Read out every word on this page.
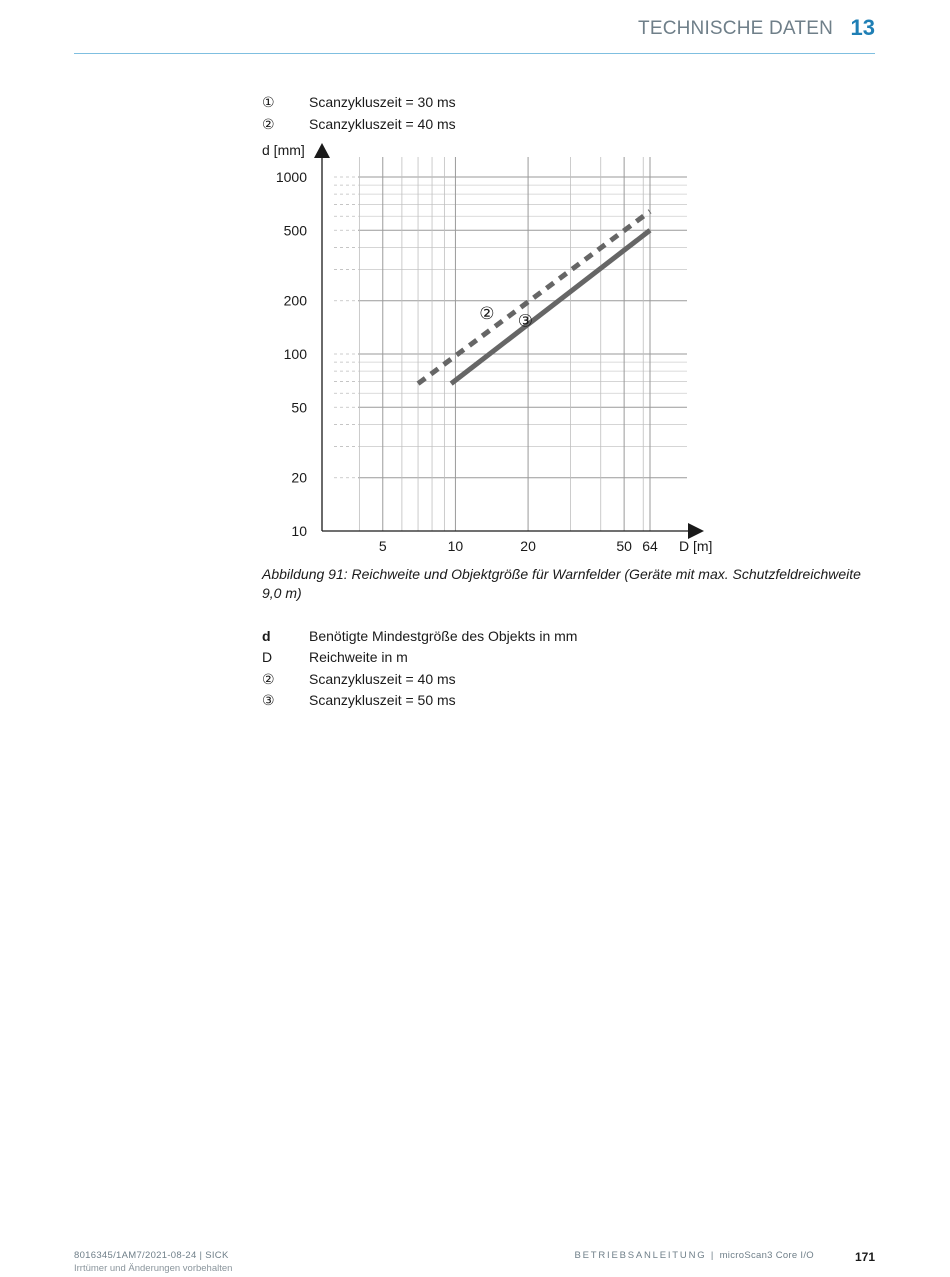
TECHNISCHE DATEN 13
①	Scanzykluszeit = 30 ms
②	Scanzykluszeit = 40 ms
1000
500
200
100
50
20
10
5	10	20	50 64
d [mm]
D [m]
② ③
Abbildung 91: Reichweite und Objektgröße für Warnfelder (Geräte mit max. Schutzfeldreichweite 9,0 m)
d	Benötigte Mindestgröße des Objekts in mm
D	Reichweite in m
②	Scanzykluszeit = 40 ms
③	Scanzykluszeit = 50 ms
8016345/1AM7/2021-08-24 | SICK
Irrtümer und Änderungen vorbehalten
BETRIEBSANLEITUNG | microScan3 Core I/O	171
